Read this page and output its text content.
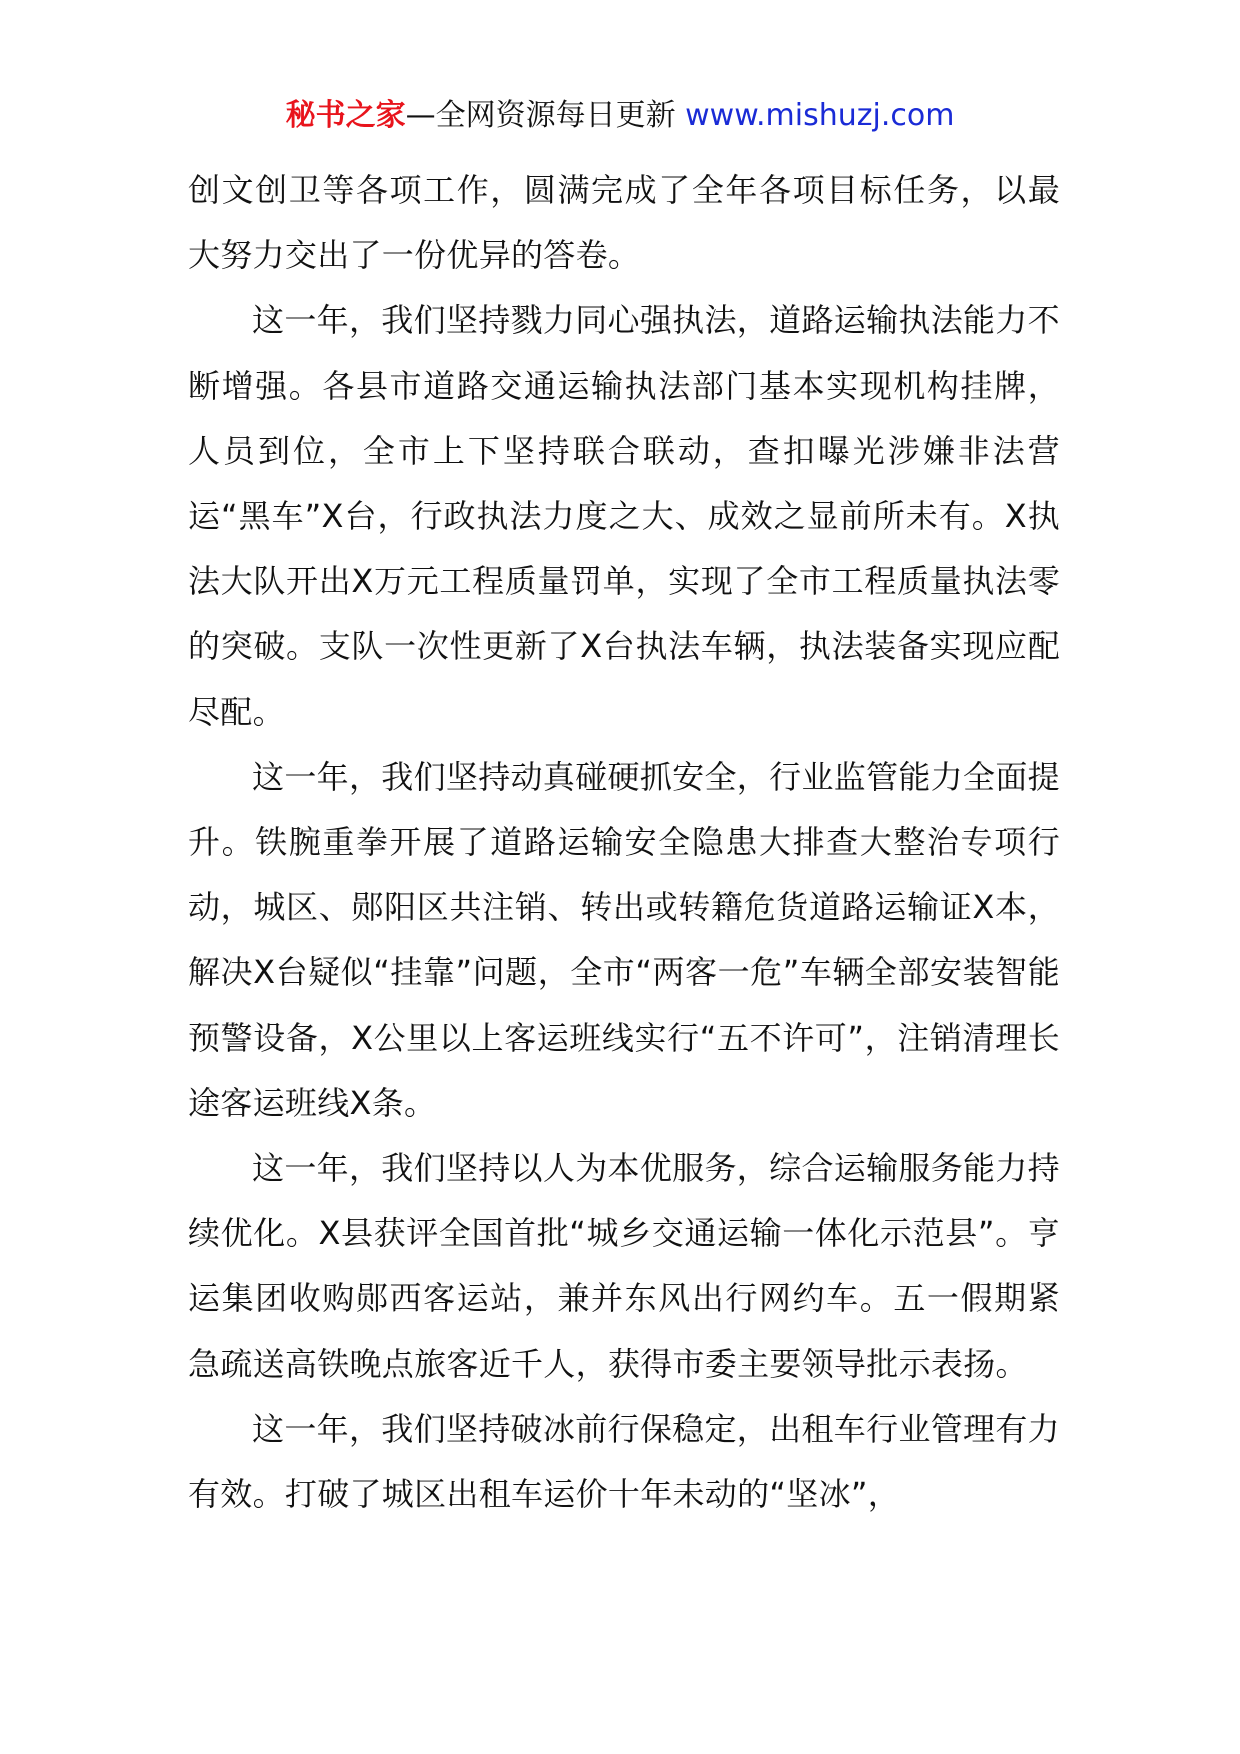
秘书之家—全网资源每日更新 www.mishuzj.com

创文创卫等各项工作，圆满完成了全年各项目标任务，以最大努力交出了一份优异的答卷。

这一年，我们坚持戮力同心强执法，道路运输执法能力不断增强。各县市道路交通运输执法部门基本实现机构挂牌，人员到位，全市上下坚持联合联动，查扣曝光涉嫌非法营运“黑车”X台，行政执法力度之大、成效之显前所未有。X执法大队开出X万元工程质量罚单，实现了全市工程质量执法零的突破。支队一次性更新了X台执法车辆，执法装备实现应配尽配。

这一年，我们坚持动真碰硬抓安全，行业监管能力全面提升。铁腕重拳开展了道路运输安全隐患大排查大整治专项行动，城区、郧阳区共注销、转出或转籍危货道路运输证X本，解决X台疑似“挂靠”问题，全市“两客一危”车辆全部安装智能预警设备，X公里以上客运班线实行“五不许可”，注销清理长途客运班线X条。

这一年，我们坚持以人为本优服务，综合运输服务能力持续优化。X县获评全国首批“城乡交通运输一体化示范县”。亨运集团收购郧西客运站，兼并东风出行网约车。五一假期紧急疏送高铁晚点旅客近千人，获得市委主要领导批示表扬。

这一年，我们坚持破冰前行保稳定，出租车行业管理有力有效。打破了城区出租车运价十年未动的“坚冰”，
